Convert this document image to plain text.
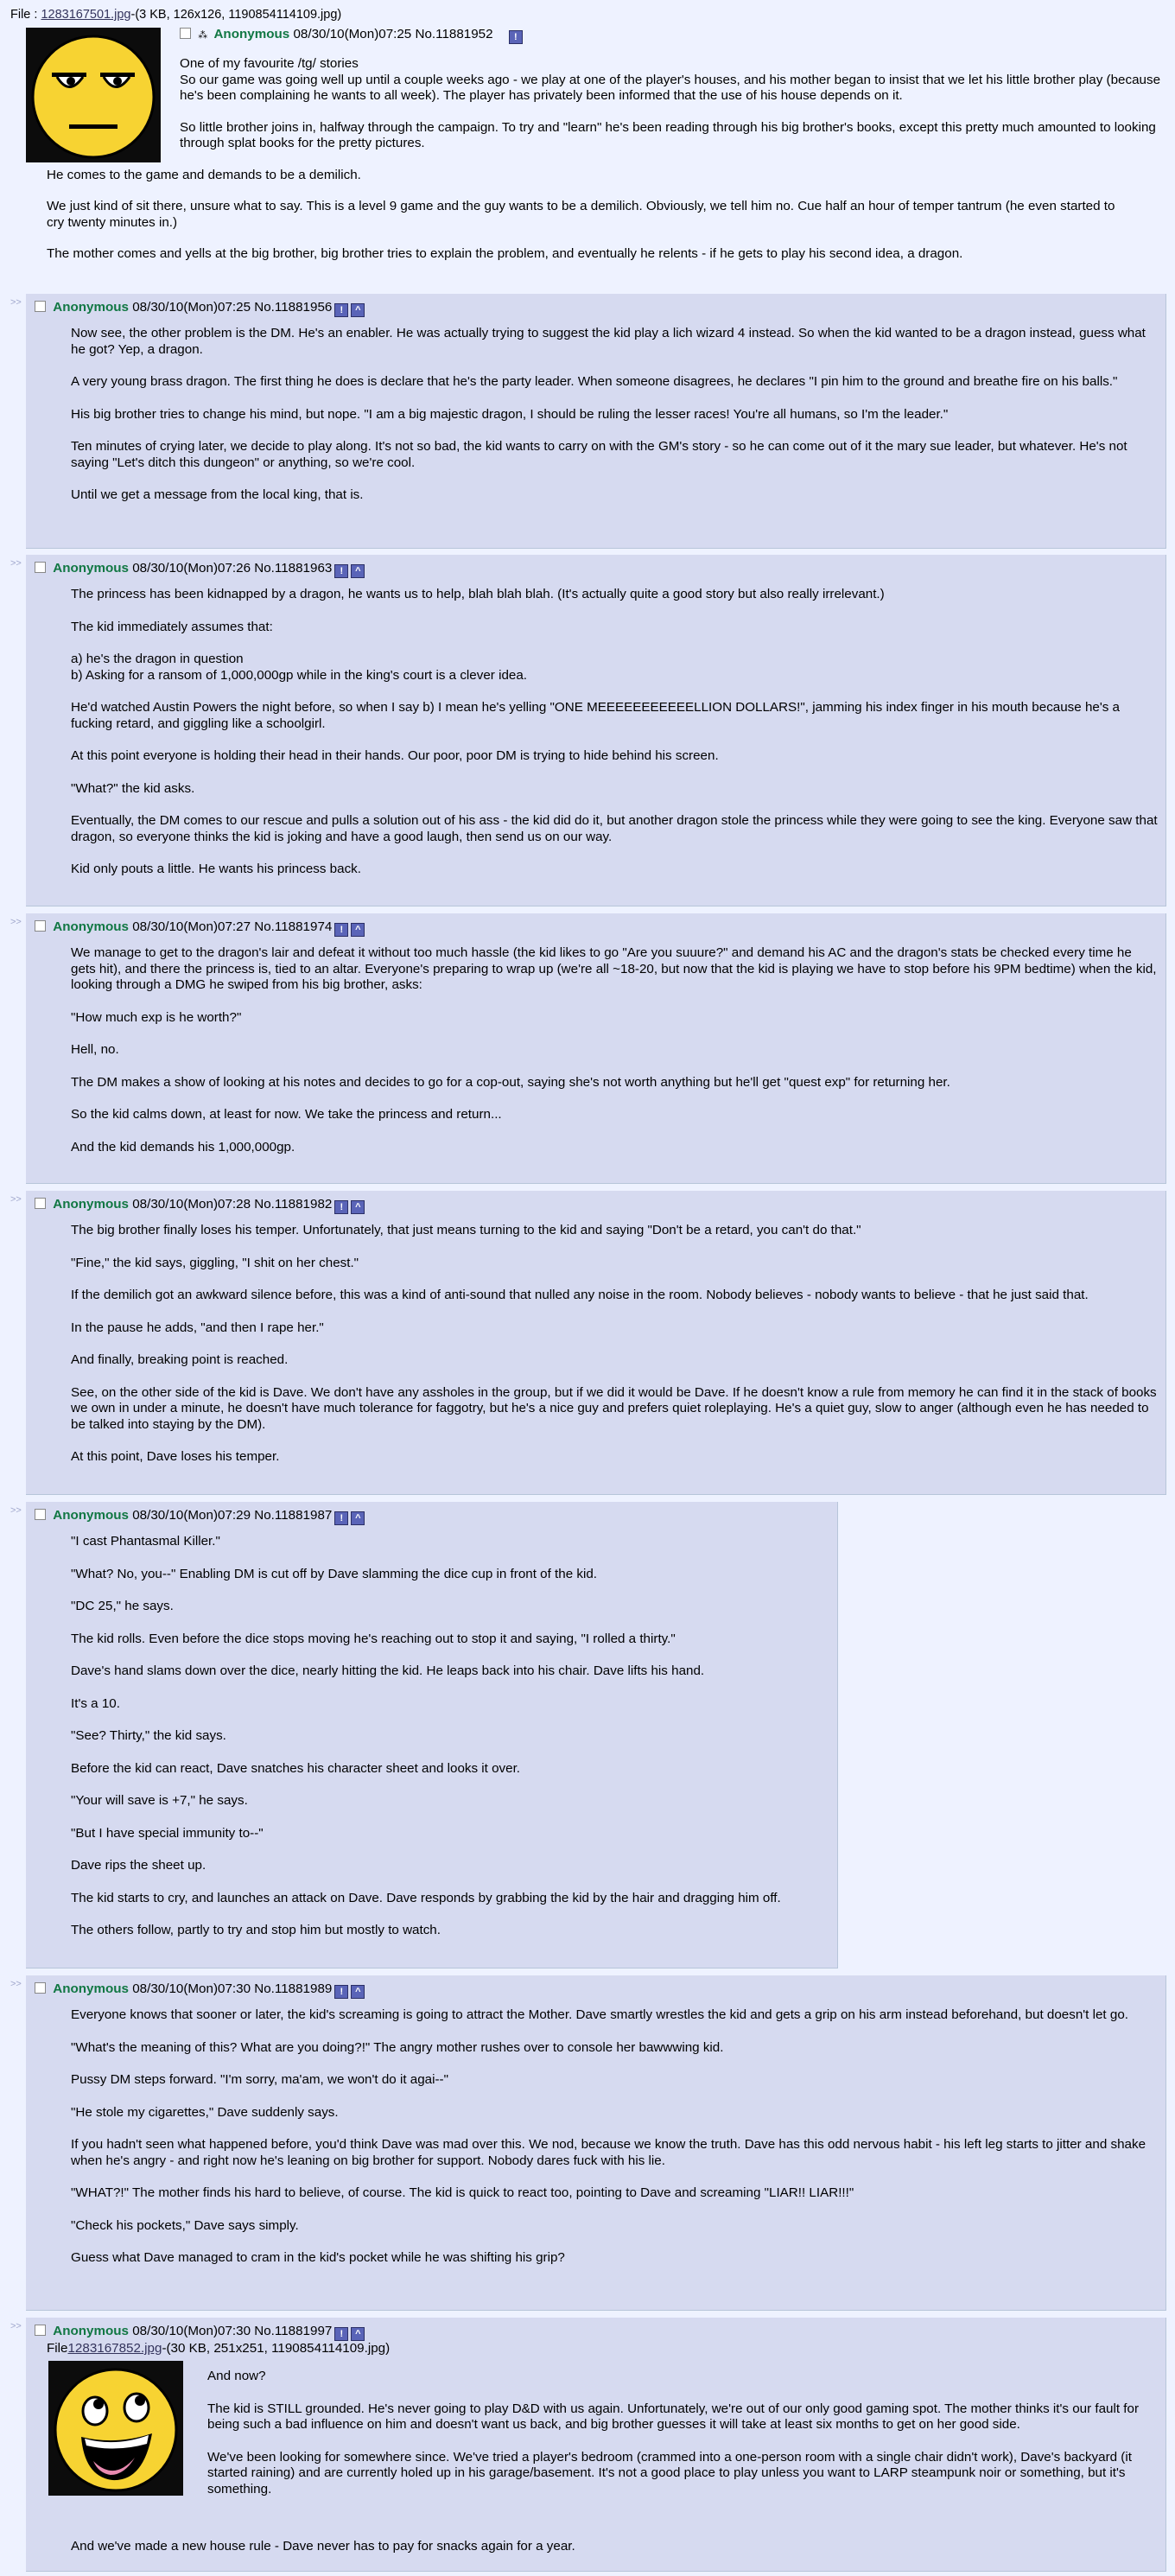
File : 1283167501.jpg-(3 KB, 126x126, 1190854114109.jpg)
⁂ Anonymous 08/30/10(Mon)07:25 No.11881952 !

One of my favourite /tg/ stories
So our game was going well up until a couple weeks ago - we play at one of the player's houses, and his mother began to insist that we let his little brother play (because he's been complaining he wants to all week). The player has privately been informed that the use of his house depends on it.

So little brother joins in, halfway through the campaign. To try and "learn" he's been reading through his big brother's books, except this pretty much amounted to looking through splat books for the pretty pictures.

He comes to the game and demands to be a demilich.

We just kind of sit there, unsure what to say. This is a level 9 game and the guy wants to be a demilich. Obviously, we tell him no. Cue half an hour of temper tantrum (he even started to cry twenty minutes in.)

The mother comes and yells at the big brother, big brother tries to explain the problem, and eventually he relents - if he gets to play his second idea, a dragon.

>>	Anonymous 08/30/10(Mon)07:25 No.11881956 ! ^

Now see, the other problem is the DM. He's an enabler. He was actually trying to suggest the kid play a lich wizard 4 instead. So when the kid wanted to be a dragon instead, guess what he got? Yep, a dragon.

A very young brass dragon. The first thing he does is declare that he's the party leader. When someone disagrees, he declares "I pin him to the ground and breathe fire on his balls."

His big brother tries to change his mind, but nope. "I am a big majestic dragon, I should be ruling the lesser races! You're all humans, so I'm the leader."

Ten minutes of crying later, we decide to play along. It's not so bad, the kid wants to carry on with the GM's story - so he can come out of it the mary sue leader, but whatever. He's not saying "Let's ditch this dungeon" or anything, so we're cool.

Until we get a message from the local king, that is.

>>	Anonymous 08/30/10(Mon)07:26 No.11881963 ! ^

The princess has been kidnapped by a dragon, he wants us to help, blah blah blah. (It's actually quite a good story but also really irrelevant.)

The kid immediately assumes that:

a) he's the dragon in question
b) Asking for a ransom of 1,000,000gp while in the king's court is a clever idea.

He'd watched Austin Powers the night before, so when I say b) I mean he's yelling "ONE MEEEEEEEEEEELLION DOLLARS!", jamming his index finger in his mouth because he's a fucking retard, and giggling like a schoolgirl.

At this point everyone is holding their head in their hands. Our poor, poor DM is trying to hide behind his screen.

"What?" the kid asks.

Eventually, the DM comes to our rescue and pulls a solution out of his ass - the kid did do it, but another dragon stole the princess while they were going to see the king. Everyone saw that dragon, so everyone thinks the kid is joking and have a good laugh, then send us on our way.

Kid only pouts a little. He wants his princess back.

>>	Anonymous 08/30/10(Mon)07:27 No.11881974 ! ^

We manage to get to the dragon's lair and defeat it without too much hassle (the kid likes to go "Are you suuure?" and demand his AC and the dragon's stats be checked every time he gets hit), and there the princess is, tied to an altar. Everyone's preparing to wrap up (we're all ~18-20, but now that the kid is playing we have to stop before his 9PM bedtime) when the kid, looking through a DMG he swiped from his big brother, asks:

"How much exp is he worth?"

Hell, no.

The DM makes a show of looking at his notes and decides to go for a cop-out, saying she's not worth anything but he'll get "quest exp" for returning her.

So the kid calms down, at least for now. We take the princess and return...

And the kid demands his 1,000,000gp.

>>	Anonymous 08/30/10(Mon)07:28 No.11881982 ! ^

The big brother finally loses his temper. Unfortunately, that just means turning to the kid and saying "Don't be a retard, you can't do that."

"Fine," the kid says, giggling, "I shit on her chest."

If the demilich got an awkward silence before, this was a kind of anti-sound that nulled any noise in the room. Nobody believes - nobody wants to believe - that he just said that.

In the pause he adds, "and then I rape her."

And finally, breaking point is reached.

See, on the other side of the kid is Dave. We don't have any assholes in the group, but if we did it would be Dave. If he doesn't know a rule from memory he can find it in the stack of books we own in under a minute, he doesn't have much tolerance for faggotry, but he's a nice guy and prefers quiet roleplaying. He's a quiet guy, slow to anger (although even he has needed to be talked into staying by the DM).

At this point, Dave loses his temper.

>>	Anonymous 08/30/10(Mon)07:29 No.11881987 ! ^

"I cast Phantasmal Killer."

"What? No, you--" Enabling DM is cut off by Dave slamming the dice cup in front of the kid.

"DC 25," he says.

The kid rolls. Even before the dice stops moving he's reaching out to stop it and saying, "I rolled a thirty."

Dave's hand slams down over the dice, nearly hitting the kid. He leaps back into his chair. Dave lifts his hand.

It's a 10.

"See? Thirty," the kid says.

Before the kid can react, Dave snatches his character sheet and looks it over.

"Your will save is +7," he says.

"But I have special immunity to--"

Dave rips the sheet up.

The kid starts to cry, and launches an attack on Dave. Dave responds by grabbing the kid by the hair and dragging him off.

The others follow, partly to try and stop him but mostly to watch.

>>	Anonymous 08/30/10(Mon)07:30 No.11881989 ! ^

Everyone knows that sooner or later, the kid's screaming is going to attract the Mother. Dave smartly wrestles the kid and gets a grip on his arm instead beforehand, but doesn't let go.

"What's the meaning of this? What are you doing?!" The angry mother rushes over to console her bawwwing kid.

Pussy DM steps forward. "I'm sorry, ma'am, we won't do it agai--"

"He stole my cigarettes," Dave suddenly says.

If you hadn't seen what happened before, you'd think Dave was mad over this. We nod, because we know the truth. Dave has this odd nervous habit - his left leg starts to jitter and shake when he's angry - and right now he's leaning on big brother for support. Nobody dares fuck with his lie.

"WHAT?!" The mother finds his hard to believe, of course. The kid is quick to react too, pointing to Dave and screaming "LIAR!! LIAR!!!"

"Check his pockets," Dave says simply.

Guess what Dave managed to cram in the kid's pocket while he was shifting his grip?

>>	Anonymous 08/30/10(Mon)07:30 No.11881997 ! ^
File1283167852.jpg-(30 KB, 251x251, 1190854114109.jpg)

And now?

The kid is STILL grounded. He's never going to play D&D with us again. Unfortunately, we're out of our only good gaming spot. The mother thinks it's our fault for being such a bad influence on him and doesn't want us back, and big brother guesses it will take at least six months to get on her good side.

We've been looking for somewhere since. We've tried a player's bedroom (crammed into a one-person room with a single chair didn't work), Dave's backyard (it started raining) and are currently holed up in his garage/basement. It's not a good place to play unless you want to LARP steampunk noir or something, but it's something.

And we've made a new house rule - Dave never has to pay for snacks again for a year.
